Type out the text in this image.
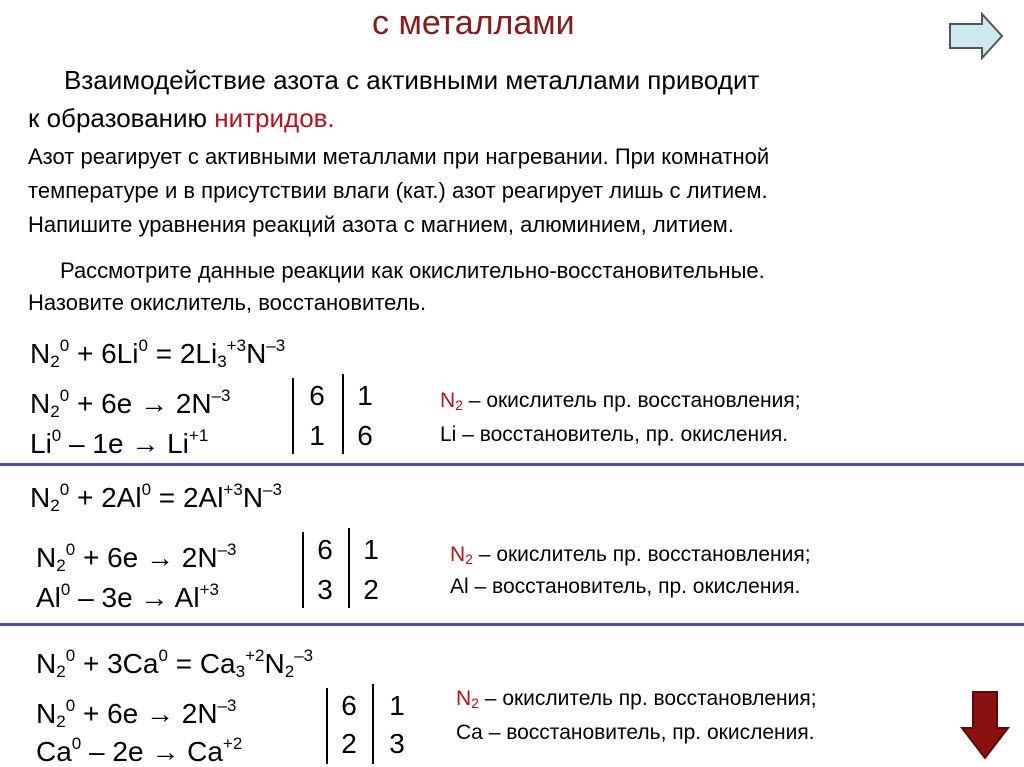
с металлами
Взаимодействие азота с активными металлами приводит
к образованию нитридов.
Азот реагирует с активными металлами при нагревании. При комнатной
температуре и в присутствии влаги (кат.) азот реагирует лишь с литием.
Напишите уравнения реакций азота с магнием, алюминием, литием.
Рассмотрите данные реакции как окислительно-восстановительные.
Назовите окислитель, восстановитель.
$N_2^0 + 6Li^0 = 2Li_3^{+3}N^{-3}$
$N_2^0 + 6e \to 2N^{-3}$
$Li^0 - 1e \to Li^{+1}$
6 1
1 6
$N_2$ – окислитель пр. восстановления;
Li – восстановитель, пр. окисления.
$N_2^0 + 2Al^0 = 2Al^{+3}N^{-3}$
$N_2^0 + 6e \to 2N^{-3}$
$Al^0 - 3e \to Al^{+3}$
6 1
3 2
$N_2$ – окислитель пр. восстановления;
Al – восстановитель, пр. окисления.
$N_2^0 + 3Ca^0 = Ca_3^{+2}N_2^{-3}$
$N_2^0 + 6e \to 2N^{-3}$
$Ca^0 - 2e \to Ca^{+2}$
6 1
2 3
$N_2$ – окислитель пр. восстановления;
Ca – восстановитель, пр. окисления.
